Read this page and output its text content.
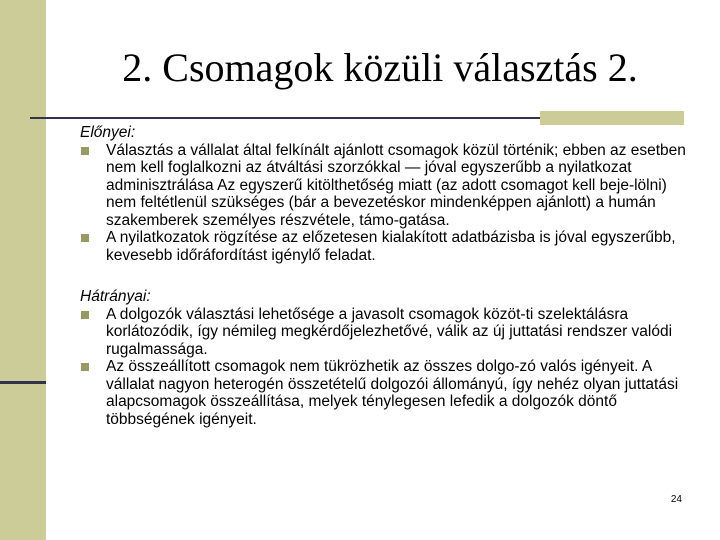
2. Csomagok közüli választás 2.

Előnyei:

Választás a vállalat által felkínált ajánlott csomagok közül történik; ebben az esetben nem kell foglalkozni az átváltási szorzókkal — jóval egyszerűbb a nyilatkozat adminisztrálása Az egyszerű kitölthetőség miatt (az adott csomagot kell beje-lölni) nem feltétlenül szükséges (bár a bevezetéskor mindenképpen ajánlott) a humán szakemberek személyes részvétele, támo-gatása.
A nyilatkozatok rögzítése az előzetesen kialakított adatbázisba is jóval egyszerűbb, kevesebb időráfordítást igénylő feladat.

Hátrányai:

A dolgozók választási lehetősége a javasolt csomagok közöt-ti szelektálásra korlátozódik, így némileg megkérdőjelezhetővé, válik az új juttatási rendszer valódi rugalmassága.
Az összeállított csomagok nem tükrözhetik az összes dolgo-zó valós igényeit. A vállalat nagyon heterogén összetételű dolgozói állományú, így nehéz olyan juttatási alapcsomagok összeállítása, melyek ténylegesen lefedik a dolgozók döntő többségének igényeit.
24
